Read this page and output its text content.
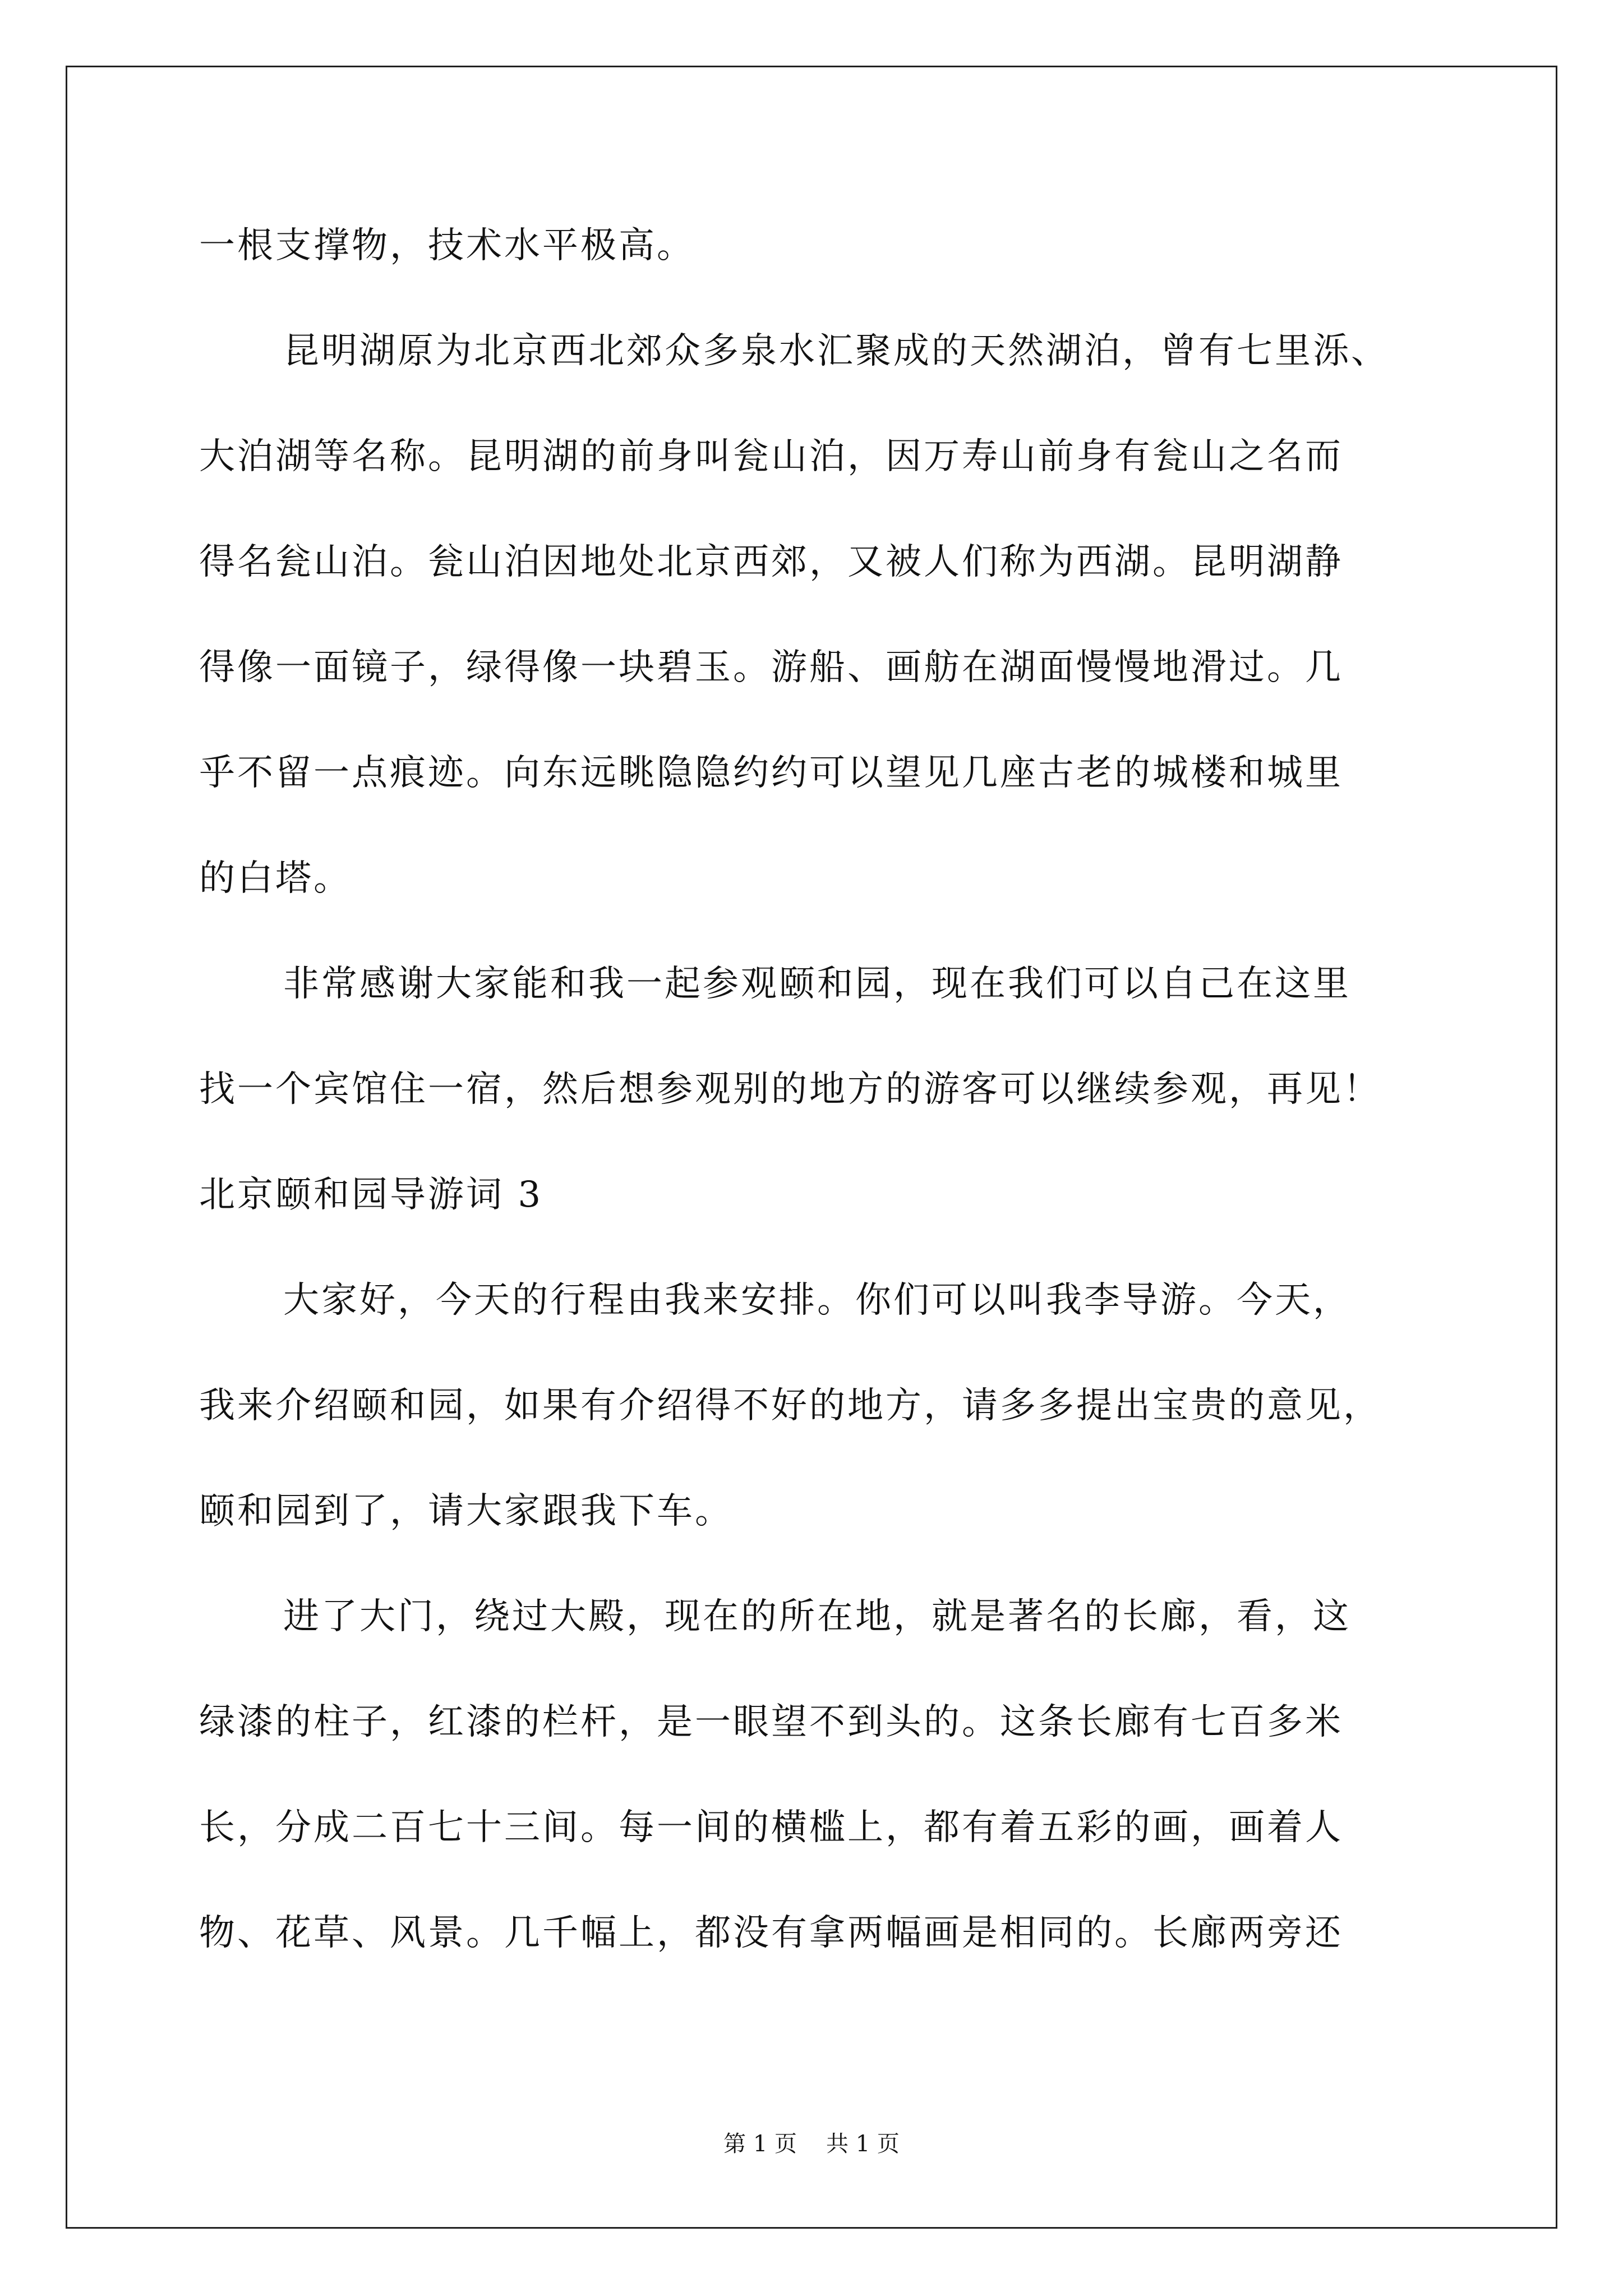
一根支撑物，技术水平极高。

昆明湖原为北京西北郊众多泉水汇聚成的天然湖泊，曾有七里泺、

大泊湖等名称。昆明湖的前身叫瓮山泊，因万寿山前身有瓮山之名而

得名瓮山泊。瓮山泊因地处北京西郊，又被人们称为西湖。昆明湖静

得像一面镜子，绿得像一块碧玉。游船、画舫在湖面慢慢地滑过。几

乎不留一点痕迹。向东远眺隐隐约约可以望见几座古老的城楼和城里

的白塔。

非常感谢大家能和我一起参观颐和园，现在我们可以自己在这里

找一个宾馆住一宿，然后想参观别的地方的游客可以继续参观，再见！

北京颐和园导游词 3

大家好，今天的行程由我来安排。你们可以叫我李导游。今天，

我来介绍颐和园，如果有介绍得不好的地方，请多多提出宝贵的意见，

颐和园到了，请大家跟我下车。

进了大门，绕过大殿，现在的所在地，就是著名的长廊，看，这

绿漆的柱子，红漆的栏杆，是一眼望不到头的。这条长廊有七百多米

长，分成二百七十三间。每一间的横槛上，都有着五彩的画，画着人

物、花草、风景。几千幅上，都没有拿两幅画是相同的。长廊两旁还

第 1 页 共 1 页
